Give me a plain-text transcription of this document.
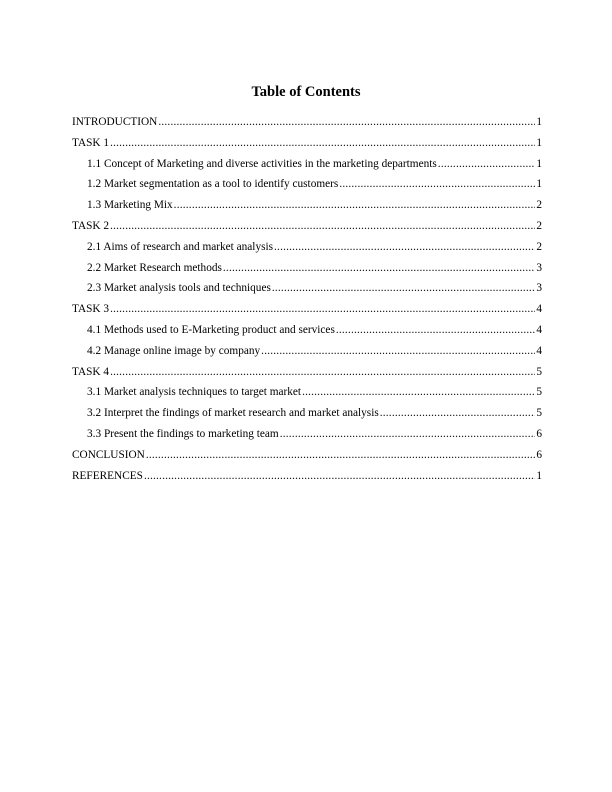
Table of Contents
INTRODUCTION .....	1
TASK 1 .....	1
1.1 Concept of Marketing and diverse activities in the marketing departments .....	1
1.2 Market segmentation as a tool to identify customers .....	1
1.3 Marketing Mix .....	2
TASK 2 .....	2
2.1 Aims of research and market analysis .....	2
2.2 Market Research methods .....	3
2.3 Market analysis tools and techniques .....	3
TASK 3 .....	4
4.1 Methods used to E-Marketing product and services .....	4
4.2 Manage online image by company .....	4
TASK 4 .....	5
3.1 Market analysis techniques to target market .....	5
3.2 Interpret the findings of market research and market analysis .....	5
3.3 Present the findings to marketing team .....	6
CONCLUSION .....	6
REFERENCES .....	1
